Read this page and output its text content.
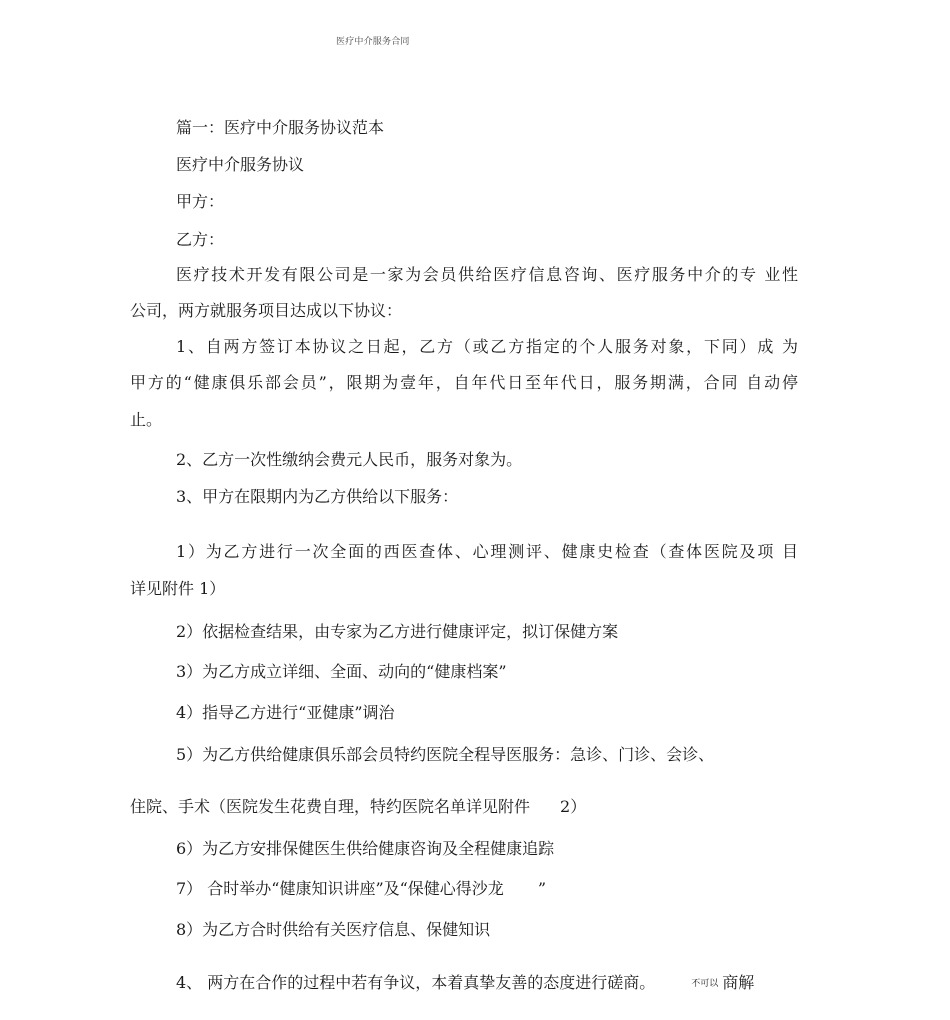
医疗中介服务合同
篇一：医疗中介服务协议范本
医疗中介服务协议
甲方：
乙方：
医疗技术开发有限公司是一家为会员供给医疗信息咨询、医疗服务中介的专 业性
公司，两方就服务项目达成以下协议：
1、自两方签订本协议之日起，乙方（或乙方指定的个人服务对象，下同）成 为
甲方的“健康俱乐部会员”，限期为壹年，自年代日至年代日，服务期满，合同 自动停
止。
2、乙方一次性缴纳会费元人民币，服务对象为。
3、甲方在限期内为乙方供给以下服务：
1）为乙方进行一次全面的西医查体、心理测评、健康史检查（查体医院及项 目
详见附件 1）
2）依据检查结果，由专家为乙方进行健康评定，拟订保健方案
3）为乙方成立详细、全面、动向的“健康档案”
4）指导乙方进行“亚健康”调治
5）为乙方供给健康俱乐部会员特约医院全程导医服务：急诊、门诊、会诊、
住院、手术（医院发生花费自理，特约医院名单详见附件 2）
6）为乙方安排保健医生供给健康咨询及全程健康追踪
7） 合时举办“健康知识讲座”及“保健心得沙龙 ”
8）为乙方合时供给有关医疗信息、保健知识
4、 两方在合作的过程中若有争议，本着真挚友善的态度进行磋商。	不可以 商解
